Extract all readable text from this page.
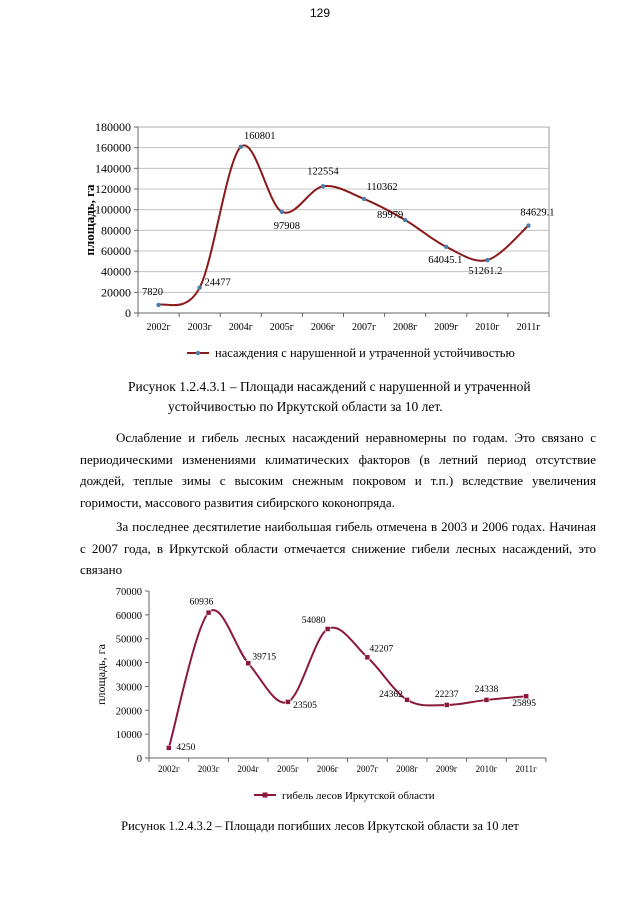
129
0
20000
40000
60000
80000
100000
120000
140000
160000
180000
2002г 2003г 2004г 2005г 2006г 2007г 2008г 2009г 2010г 2011г
площадь, га
7820
24477
160801
97908
122554
110362
89979
64045.1
51261.2
84629.1
насаждения с нарушенной и утраченной устойчивостью
Рисунок 1.2.4.3.1 – Площади насаждений с нарушенной и утраченной
устойчивостью по Иркутской области за 10 лет.

Ослабление и гибель лесных насаждений неравномерны по годам. Это связано с периодическими изменениями климатических факторов (в летний период отсутствие дождей, теплые зимы с высоким снежным покровом и т.п.) вследствие увеличения горимости, массового развития сибирского коконопряда.

За последнее десятилетие наибольшая гибель отмечена в 2003 и 2006 годах. Начиная с 2007 года, в Иркутской области отмечается снижение гибели лесных насаждений, это связано

0
10000
20000
30000
40000
50000
60000
70000
2002г 2003г 2004г 2005г 2006г 2007г 2008г 2009г 2010г 2011г
площадь, га
4250
60936
39715
23505
54080
42207
24362	22237
24338
25895
гибель лесов Иркутской области
Рисунок 1.2.4.3.2 – Площади погибших лесов Иркутской области за 10 лет
